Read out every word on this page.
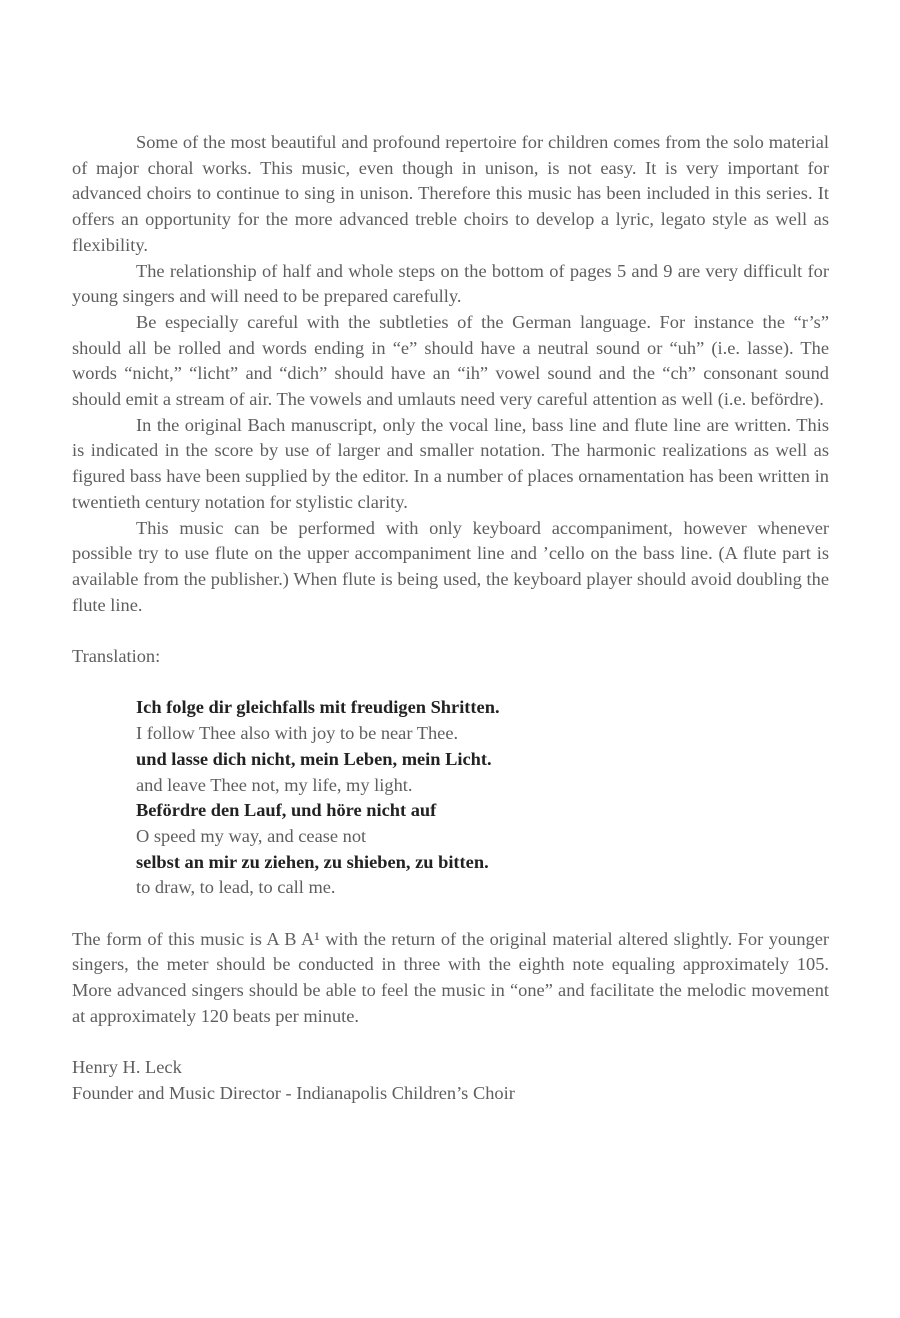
Some of the most beautiful and profound repertoire for children comes from the solo material of major choral works. This music, even though in unison, is not easy. It is very important for advanced choirs to continue to sing in unison. Therefore this music has been included in this series. It offers an opportunity for the more advanced treble choirs to develop a lyric, legato style as well as flexibility.

The relationship of half and whole steps on the bottom of pages 5 and 9 are very difficult for young singers and will need to be prepared carefully.

Be especially careful with the subtleties of the German language. For instance the “r’s” should all be rolled and words ending in “e” should have a neutral sound or “uh” (i.e. lasse). The words “nicht,” “licht” and “dich” should have an “ih” vowel sound and the “ch” consonant sound should emit a stream of air. The vowels and umlauts need very careful attention as well (i.e. befördre).

In the original Bach manuscript, only the vocal line, bass line and flute line are written. This is indicated in the score by use of larger and smaller notation. The harmonic realizations as well as figured bass have been supplied by the editor. In a number of places ornamentation has been written in twentieth century notation for stylistic clarity.

This music can be performed with only keyboard accompaniment, however whenever possible try to use flute on the upper accompaniment line and ’cello on the bass line. (A flute part is available from the publisher.) When flute is being used, the keyboard player should avoid doubling the flute line.

Translation:

Ich folge dir gleichfalls mit freudigen Shritten.
I follow Thee also with joy to be near Thee.
und lasse dich nicht, mein Leben, mein Licht.
and leave Thee not, my life, my light.
Befördre den Lauf, und höre nicht auf
O speed my way, and cease not
selbst an mir zu ziehen, zu shieben, zu bitten.
to draw, to lead, to call me.

The form of this music is A B A¹ with the return of the original material altered slightly. For younger singers, the meter should be conducted in three with the eighth note equaling approximately 105. More advanced singers should be able to feel the music in “one” and facilitate the melodic movement at approximately 120 beats per minute.

Henry H. Leck
Founder and Music Director - Indianapolis Children’s Choir
